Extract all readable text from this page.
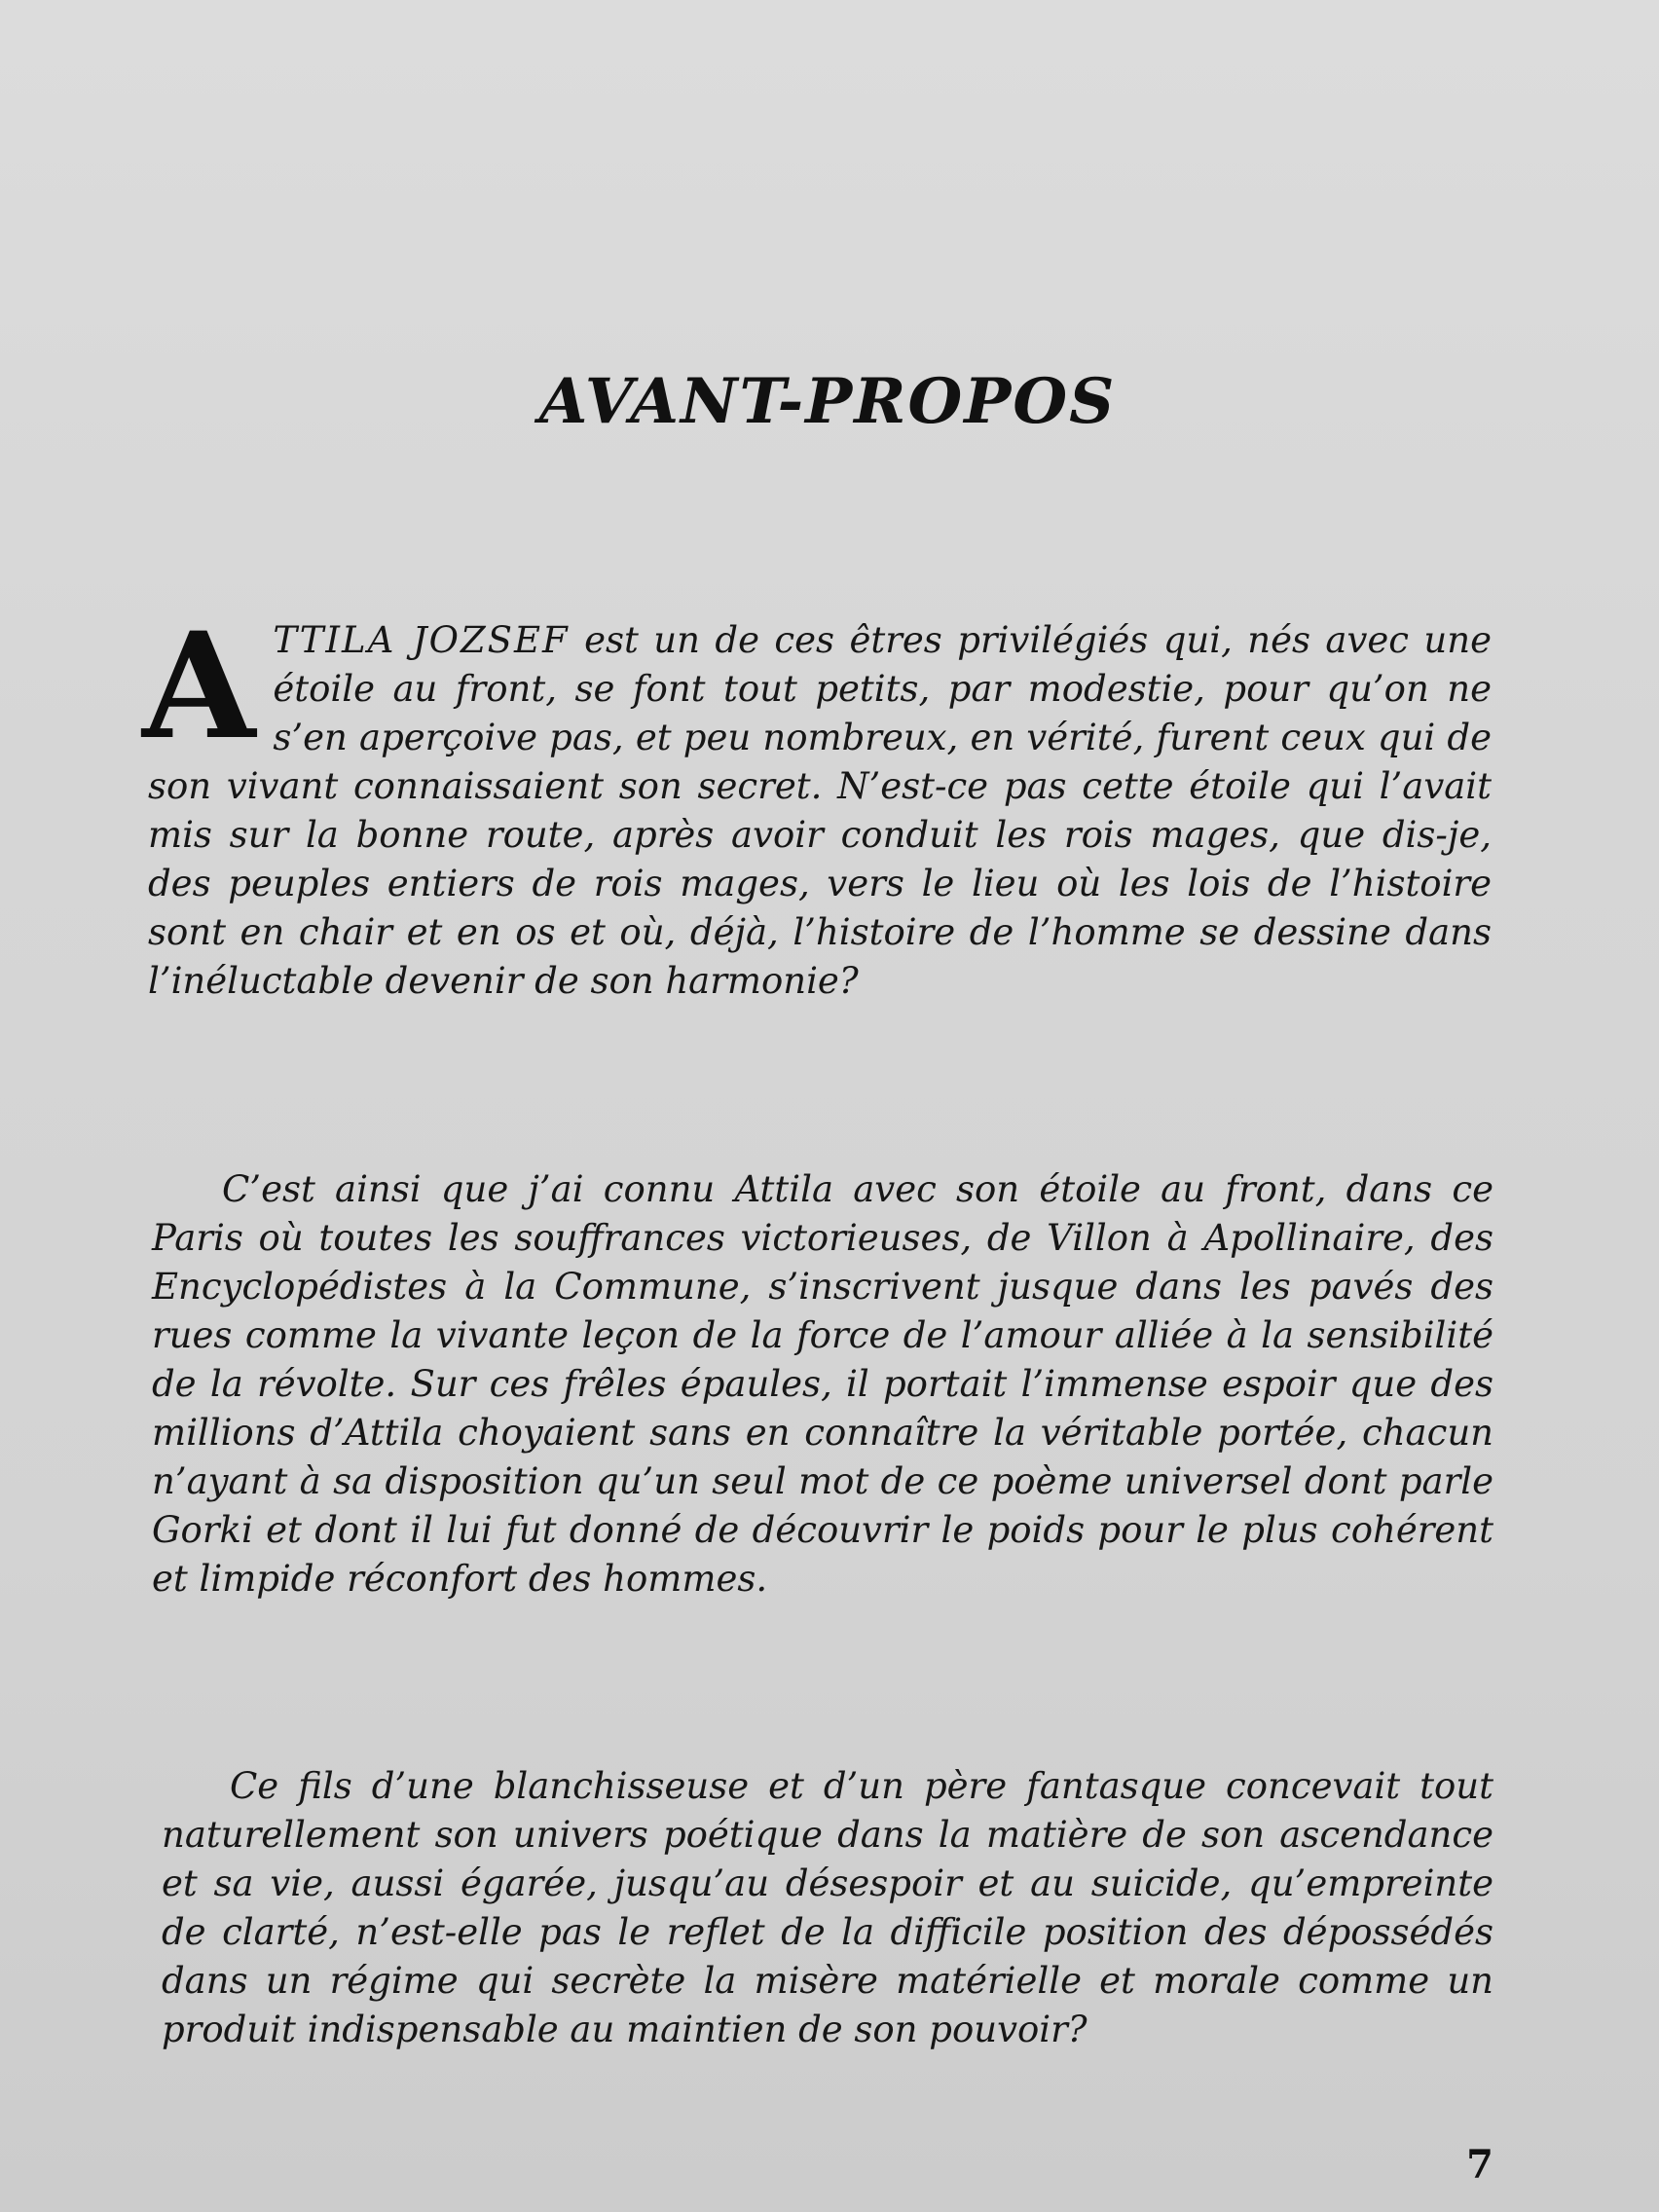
AVANT-PROPOS

ATTILA JOZSEF est un de ces êtres privilégiés qui, nés avec une étoile au front, se font tout petits, par modestie, pour qu’on ne s’en aperçoive pas, et peu nombreux, en vérité, furent ceux qui de son vivant connaissaient son secret. N’est-ce pas cette étoile qui l’avait mis sur la bonne route, après avoir conduit les rois mages, que dis-je, des peuples entiers de rois mages, vers le lieu où les lois de l’histoire sont en chair et en os et où, déjà, l’histoire de l’homme se dessine dans l’inéluctable devenir de son harmonie?

C’est ainsi que j’ai connu Attila avec son étoile au front, dans ce Paris où toutes les souffrances victorieuses, de Villon à Apollinaire, des Encyclopédistes à la Commune, s’inscrivent jusque dans les pavés des rues comme la vivante leçon de la force de l’amour alliée à la sensibilité de la révolte. Sur ces frêles épaules, il portait l’immense espoir que des millions d’Attila choyaient sans en connaître la véritable portée, chacun n’ayant à sa disposition qu’un seul mot de ce poème universel dont parle Gorki et dont il lui fut donné de découvrir le poids pour le plus cohérent et limpide réconfort des hommes.

Ce fils d’une blanchisseuse et d’un père fantasque concevait tout naturellement son univers poétique dans la matière de son ascendance et sa vie, aussi égarée, jusqu’au désespoir et au suicide, qu’empreinte de clarté, n’est-elle pas le reflet de la difficile position des dépossédés dans un régime qui secrète la misère matérielle et morale comme un produit indispensable au maintien de son pouvoir?

7
